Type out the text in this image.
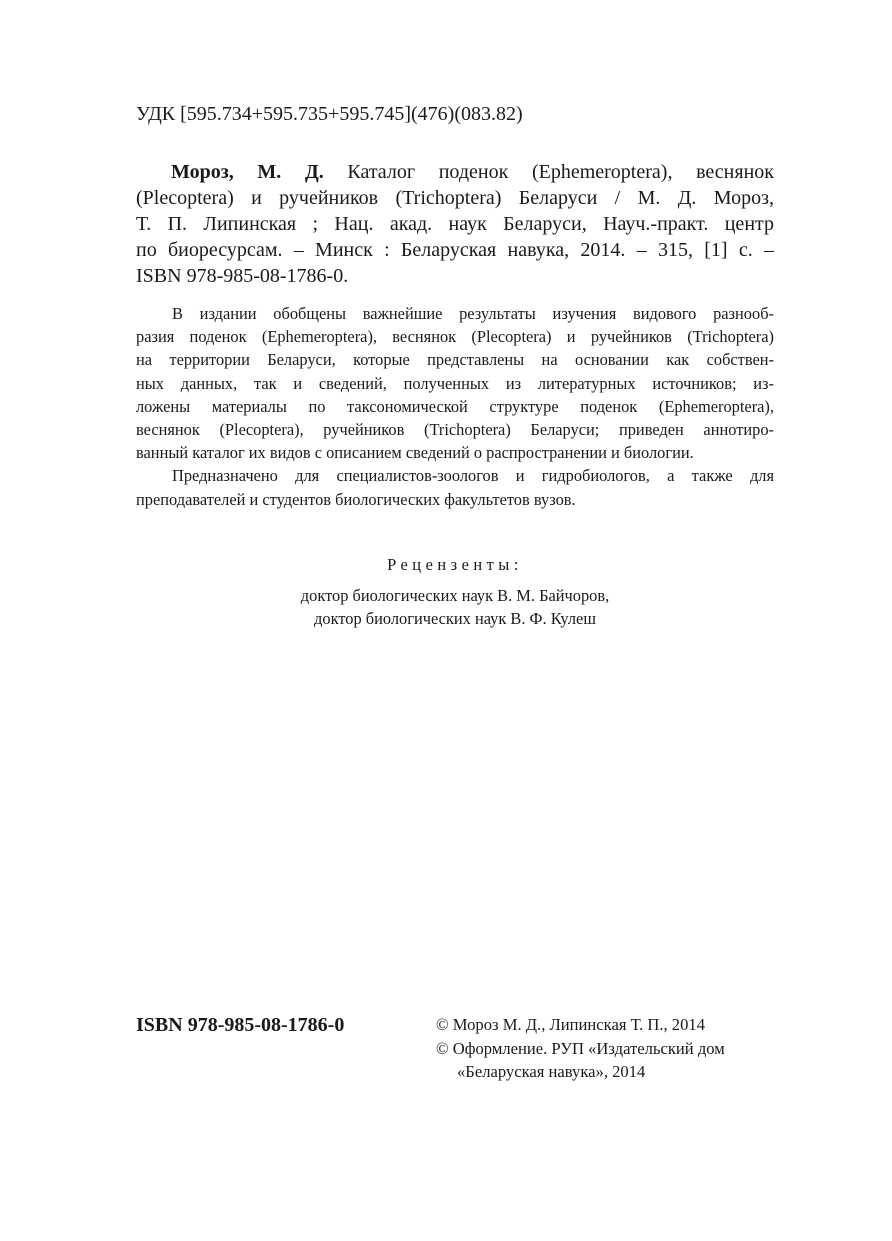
УДК [595.734+595.735+595.745](476)(083.82)
Мороз, М. Д. Каталог поденок (Ephemeroptera), веснянок
(Plecoptera) и ручейников (Trichoptera) Беларуси / М. Д. Мороз,
Т. П. Липинская ; Нац. акад. наук Беларуси, Науч.-практ. центр
по биоресурсам. – Минск : Беларуская навука, 2014. – 315, [1] с. –
ISBN 978-985-08-1786-0.
В издании обобщены важнейшие результаты изучения видового разнооб-
разия поденок (Ephemeroptera), веснянок (Plecoptera) и ручейников (Trichoptera)
на территории Беларуси, которые представлены на основании как собствен-
ных данных, так и сведений, полученных из литературных источников; из-
ложены материалы по таксономической структуре поденок (Ephemeroptera),
веснянок (Plecoptera), ручейников (Trichoptera) Беларуси; приведен аннотиро-
ванный каталог их видов с описанием сведений о распространении и биологии.
Предназначено для специалистов-зоологов и гидробиологов, а также для
преподавателей и студентов биологических факультетов вузов.
Рецензенты:
доктор биологических наук В. М. Байчоров,
доктор биологических наук В. Ф. Кулеш
ISBN 978-985-08-1786-0	© Мороз М. Д., Липинская Т. П., 2014
© Оформление. РУП «Издательский дом
«Беларуская навука», 2014
